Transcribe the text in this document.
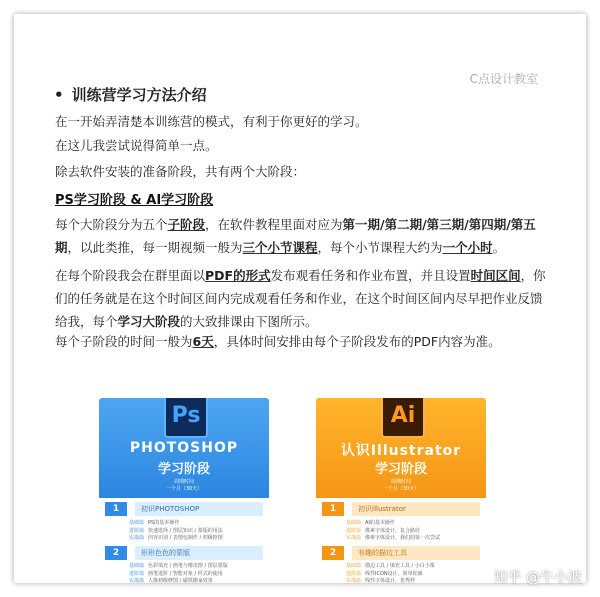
C点设计教室
• 训练营学习方法介绍
在一开始弄清楚本训练营的模式，有利于你更好的学习。
在这儿我尝试说得简单一点。
除去软件安装的准备阶段，共有两个大阶段：
PS学习阶段 & AI学习阶段
每个大阶段分为五个子阶段，在软件教程里面对应为第一期/第二期/第三期/第四期/第五期，以此类推，每一期视频一般为三个小节课程，每个小节课程大约为一个小时。
在每个阶段我会在群里面以PDF的形式发布观看任务和作业布置，并且设置时间区间，你们的任务就是在这个时间区间内完成观看任务和作业，在这个时间区间内尽早把作业反馈给我，每个学习大阶段的大致排课由下图所示。
每个子阶段的时间一般为6天，具体时间安排由每个子阶段发布的PDF内容为准。
Ps
PHOTOSHOP
学习阶段
周期时间
一个月（30天）
1	初识PHOTOSHOP
基础篇 PS的基本操作
进阶篇 快速选择 / 图层知识 / 蒙版的用法
实战篇 内容识别 / 表情包制作 / 初级抠图
2	形形色色的蒙版
基础篇 色彩填充 / 画笔与橡皮擦 / 图层蒙版
进阶篇 画笔进阶 / 智能对象 / 样式的使用
实战篇 人像初级修图 / 磁铁搬家效果
Ai
认识Illustrator
学习阶段
周期时间
一个月（30天）
1	初识Illustrator
基础篇 AI的基本操作
进阶篇 像素字体设计，复合路径
实战篇 像素字体设计，我们的第一次尝试
2	有趣的描边工具
基础篇 描边工具 / 填充工具 / 小白小课
进阶篇 线性ICON设计，简单轮廓
实战篇 线性字体设计，优秀样	知乎 @牛小波
